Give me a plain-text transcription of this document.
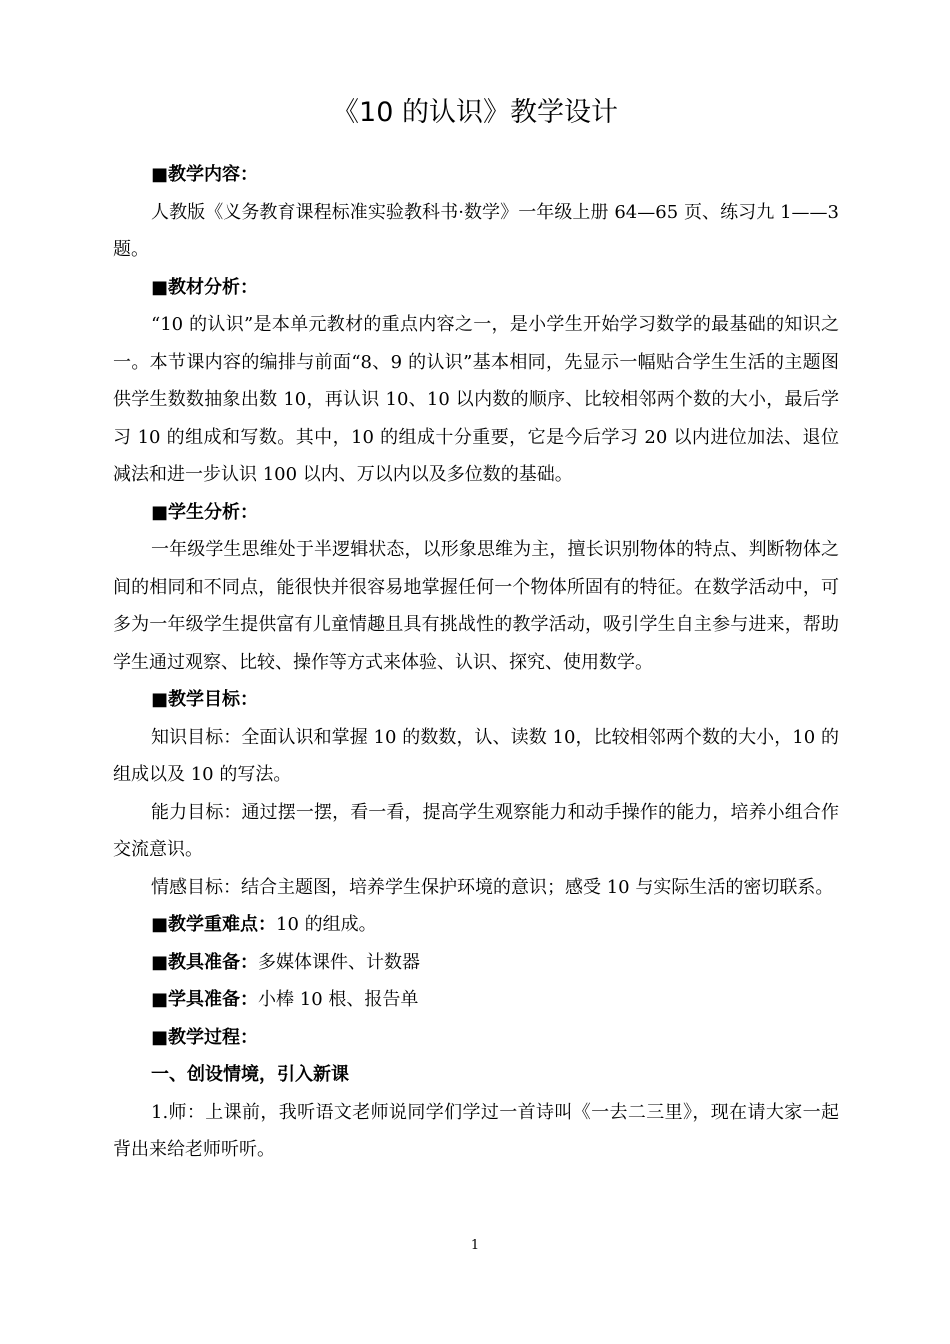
《10 的认识》教学设计

■教学内容：

人教版《义务教育课程标准实验教科书·数学》一年级上册 64—65 页、练习九 1——3 题。

■教材分析：

“10 的认识”是本单元教材的重点内容之一，是小学生开始学习数学的最基础的知识之一。本节课内容的编排与前面“8、9 的认识”基本相同，先显示一幅贴合学生生活的主题图供学生数数抽象出数 10，再认识 10、10 以内数的顺序、比较相邻两个数的大小，最后学习 10 的组成和写数。其中，10 的组成十分重要，它是今后学习 20 以内进位加法、退位减法和进一步认识 100 以内、万以内以及多位数的基础。

■学生分析：

一年级学生思维处于半逻辑状态，以形象思维为主，擅长识别物体的特点、判断物体之间的相同和不同点，能很快并很容易地掌握任何一个物体所固有的特征。在数学活动中，可多为一年级学生提供富有儿童情趣且具有挑战性的教学活动，吸引学生自主参与进来，帮助学生通过观察、比较、操作等方式来体验、认识、探究、使用数学。

■教学目标：

知识目标：全面认识和掌握 10 的数数，认、读数 10，比较相邻两个数的大小，10 的组成以及 10 的写法。

能力目标：通过摆一摆，看一看，提高学生观察能力和动手操作的能力，培养小组合作交流意识。

情感目标：结合主题图，培养学生保护环境的意识；感受 10 与实际生活的密切联系。

■教学重难点：10 的组成。

■教具准备：多媒体课件、计数器

■学具准备：小棒 10 根、报告单

■教学过程：

一、创设情境，引入新课

1.师：上课前，我听语文老师说同学们学过一首诗叫《一去二三里》，现在请大家一起背出来给老师听听。

1
